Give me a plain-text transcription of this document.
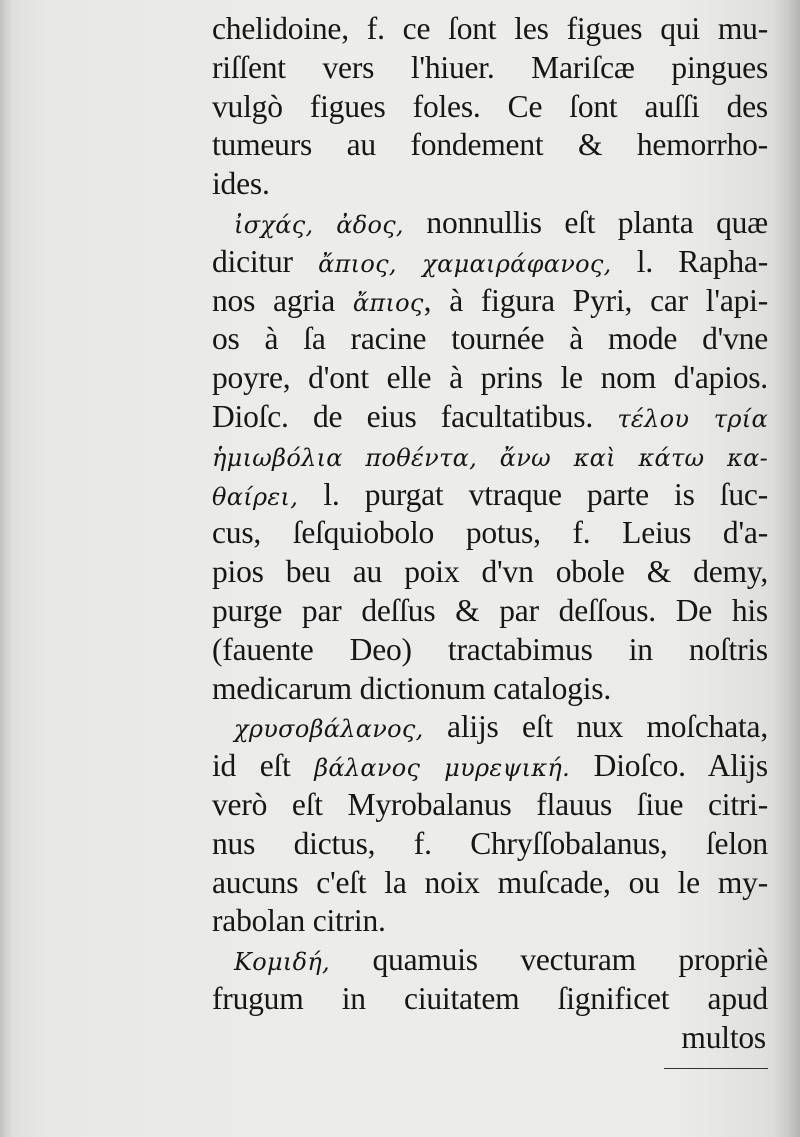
chelidoine, f. ce ſont les figues qui mu-
riſſent vers l'hiuer. Mariſcæ pingues
vulgò figues foles. Ce ſont auſſi des
tumeurs au fondement & hemorrho-
ides.
ἰσχάς, ἀδος, nonnullis eſt planta quæ
dicitur ἄπιος, χαμαιράφανος, l. Rapha-
nos agria ἄπιος, à figura Pyri, car l'api-
os à ſa racine tournée à mode d'vne
poyre, d'ont elle à prins le nom d'apios.
Dioſc. de eius facultatibus. τέλου τρία
ἡμιωβόλια ποθέντα, ἄνω καὶ κάτω κα-
θαίρει, l. purgat vtraque parte is ſuc-
cus, ſeſquiobolo potus, f. Leius d'a-
pios beu au poix d'vn obole & demy,
purge par deſſus & par deſſous. De his
(fauente Deo) tractabimus in noſtris
medicarum dictionum catalogis.
χρυσοβάλανος, alijs eſt nux moſchata,
id eſt βάλανος μυρεψική. Dioſco. Alijs
verò eſt Myrobalanus flauus ſiue citri-
nus dictus, f. Chryſſobalanus, ſelon
aucuns c'eſt la noix muſcade, ou le my-
rabolan citrin.
Κομιδή, quamuis vecturam propriè
frugum in ciuitatem ſignificet apud
multos
